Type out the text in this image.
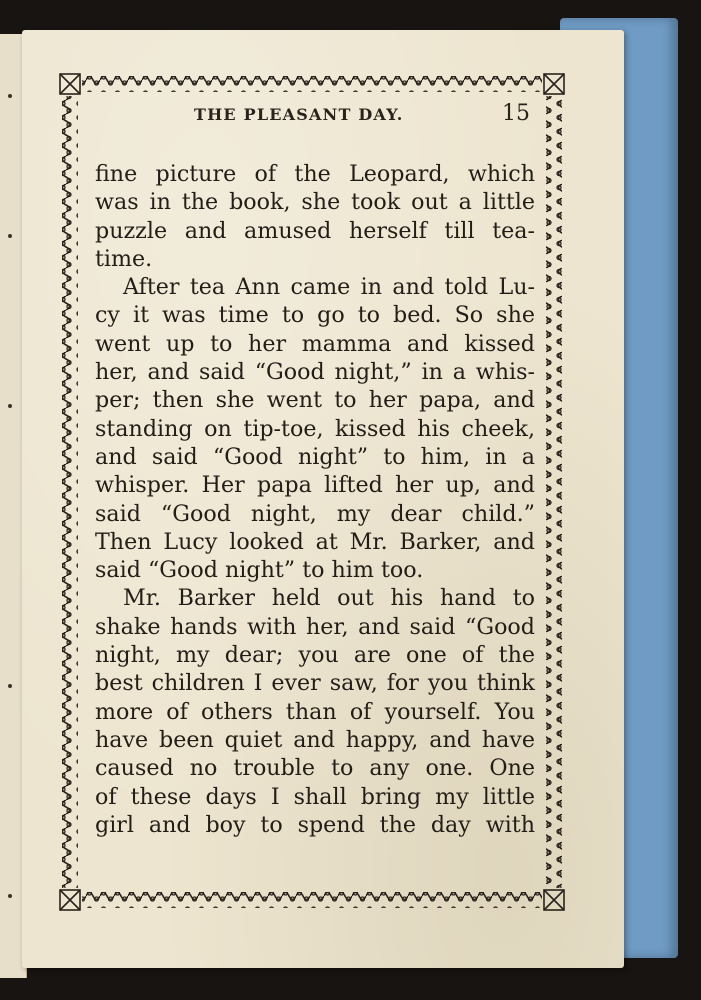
THE PLEASANT DAY.	15
fine picture of the Leopard, which
was in the book, she took out a little
puzzle and amused herself till tea-
time.
After tea Ann came in and told Lu-
cy it was time to go to bed. So she
went up to her mamma and kissed
her, and said “Good night,” in a whis-
per; then she went to her papa, and
standing on tip-toe, kissed his cheek,
and said “Good night” to him, in a
whisper. Her papa lifted her up, and
said “Good night, my dear child.”
Then Lucy looked at Mr. Barker, and
said “Good night” to him too.
Mr. Barker held out his hand to
shake hands with her, and said “Good
night, my dear; you are one of the
best children I ever saw, for you think
more of others than of yourself. You
have been quiet and happy, and have
caused no trouble to any one. One
of these days I shall bring my little
girl and boy to spend the day with
